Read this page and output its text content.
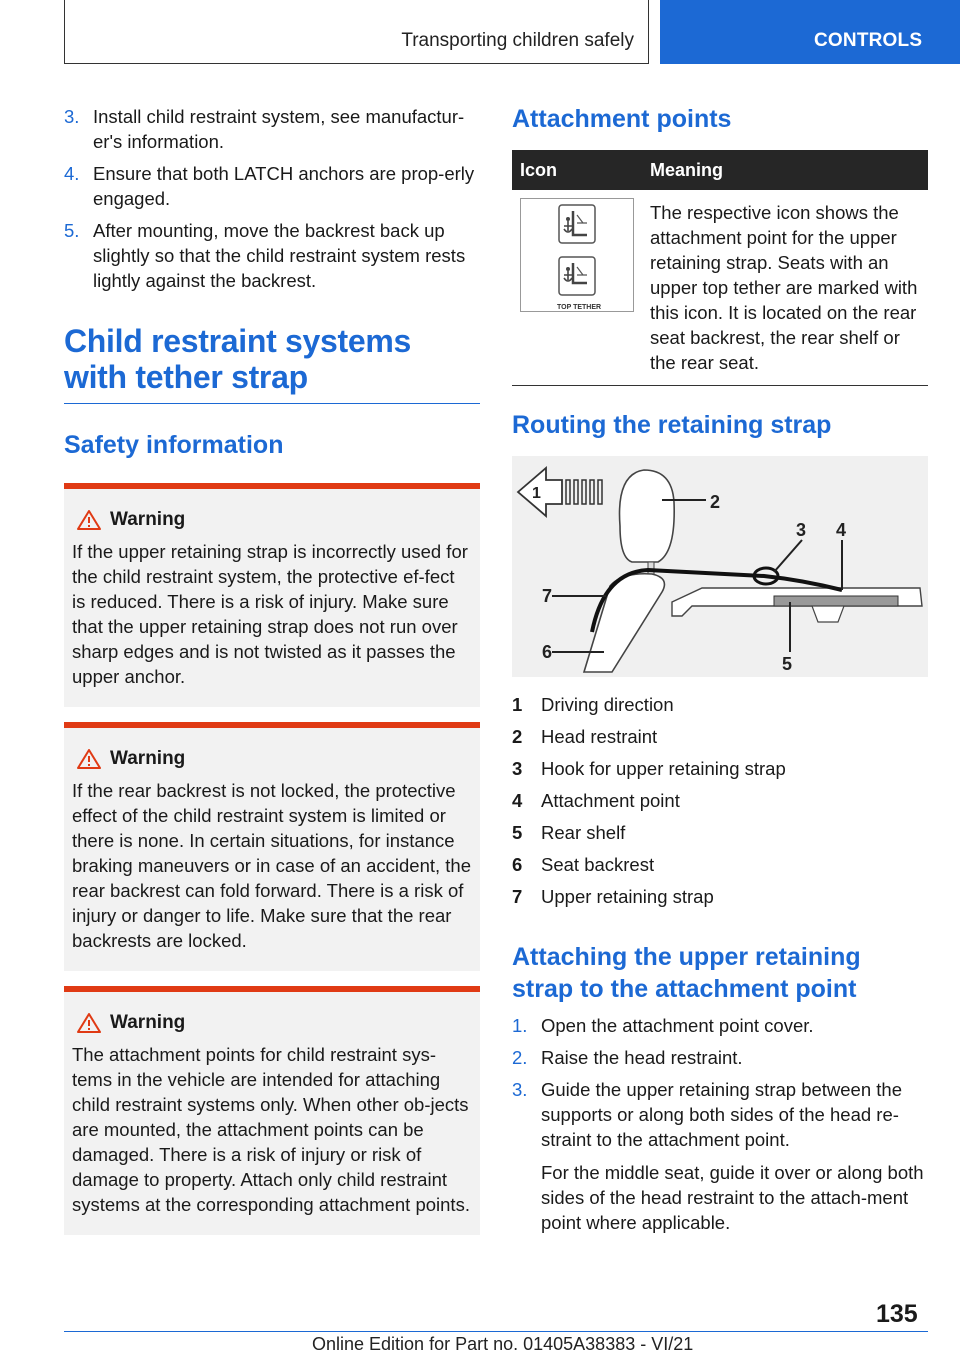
Transporting children safely	CONTROLS
3. Install child restraint system, see manufactur-er's information.
4. Ensure that both LATCH anchors are prop-erly engaged.
5. After mounting, move the backrest back up slightly so that the child restraint system rests lightly against the backrest.
Child restraint systems with tether strap
Safety information
Warning
If the upper retaining strap is incorrectly used for the child restraint system, the protective ef-fect is reduced. There is a risk of injury. Make sure that the upper retaining strap does not run over sharp edges and is not twisted as it passes the upper anchor.
Warning
If the rear backrest is not locked, the protective effect of the child restraint system is limited or there is none. In certain situations, for instance braking maneuvers or in case of an accident, the rear backrest can fold forward. There is a risk of injury or danger to life. Make sure that the rear backrests are locked.
Warning
The attachment points for child restraint sys-tems in the vehicle are intended for attaching child restraint systems only. When other ob-jects are mounted, the attachment points can be damaged. There is a risk of injury or risk of damage to property. Attach only child restraint systems at the corresponding attachment points.
Attachment points
Icon	Meaning

TOP TETHER	The respective icon shows the attachment point for the upper retaining strap. Seats with an upper top tether are marked with this icon. It is located on the rear seat backrest, the rear shelf or the rear seat.
Routing the retaining strap
1	2
3 4
5
6
7
1	Driving direction
2	Head restraint
3	Hook for upper retaining strap
4	Attachment point
5	Rear shelf
6	Seat backrest
7	Upper retaining strap
Attaching the upper retaining strap to the attachment point
1. Open the attachment point cover.
2. Raise the head restraint.
3. Guide the upper retaining strap between the supports or along both sides of the head re-straint to the attachment point.
For the middle seat, guide it over or along both sides of the head restraint to the attach-ment point where applicable.
135
Online Edition for Part no. 01405A38383 - VI/21
